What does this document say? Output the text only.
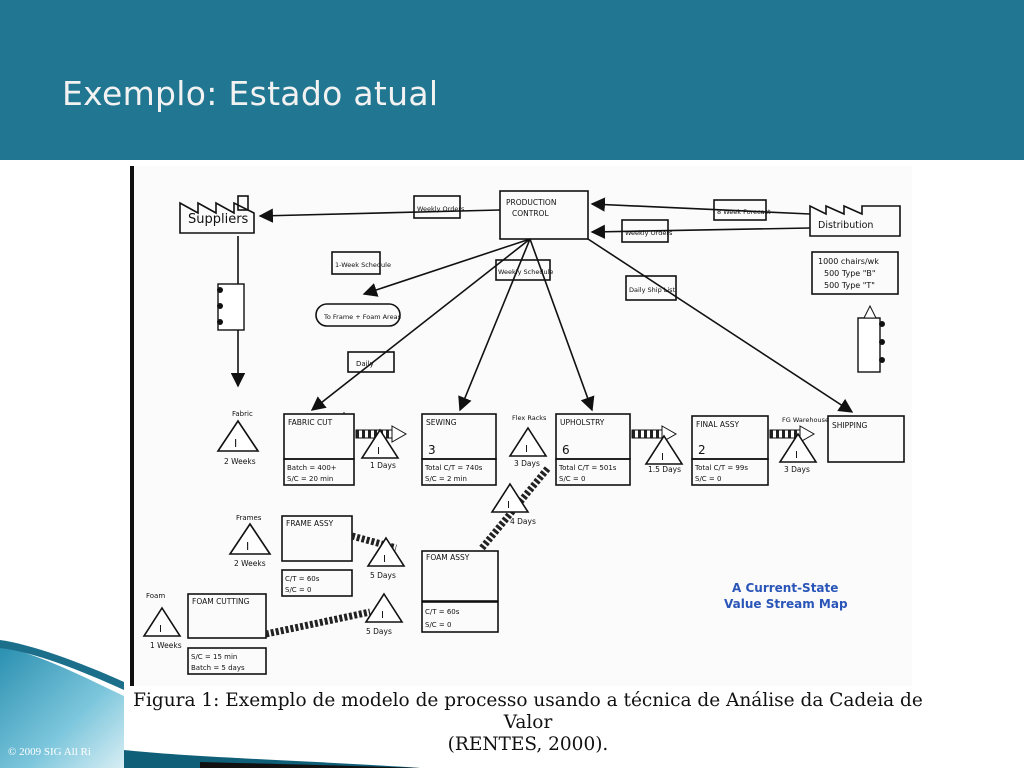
Exemplo: Estado atual
Suppliers
PRODUCTION
CONTROL
Distribution
1000 chairs/wk
500 Type "B"
500 Type "T"
Weekly Orders
Weekly Orders
8 Week Forecast
1-Week Schedule
Weekly Schedule
Daily Ship List
Daily
To Frame + Foam Areas
FABRIC CUT	SEWING	UPHOLSTRY	FINAL ASSY	SHIPPING
FRAME ASSY
FOAM ASSY
FOAM CUTTING
3	6	2
Batch = 400+
S/C = 20 min
Total C/T = 740s
S/C = 2 min
Total C/T = 501s
S/C = 0
Total C/T = 99s
S/C = 0
C/T = 60s
S/C = 0
C/T = 60s
S/C = 0
S/C = 15 min
Batch = 5 days
Fabric
2 Weeks	1 Days
Flex Racks
3 Days
1.5 Days
FG Warehouse
3 Days
Frames
2 Weeks
5 Days
4 Days
5 Days
Foam
1 Weeks
I
I	I
I	I
I
I
I
I
I
A Current-State
Value Stream Map
Figura 1: Exemplo de modelo de processo usando a técnica de Análise da Cadeia de Valor
(RENTES, 2000).
© 2009 SIG All Ri
